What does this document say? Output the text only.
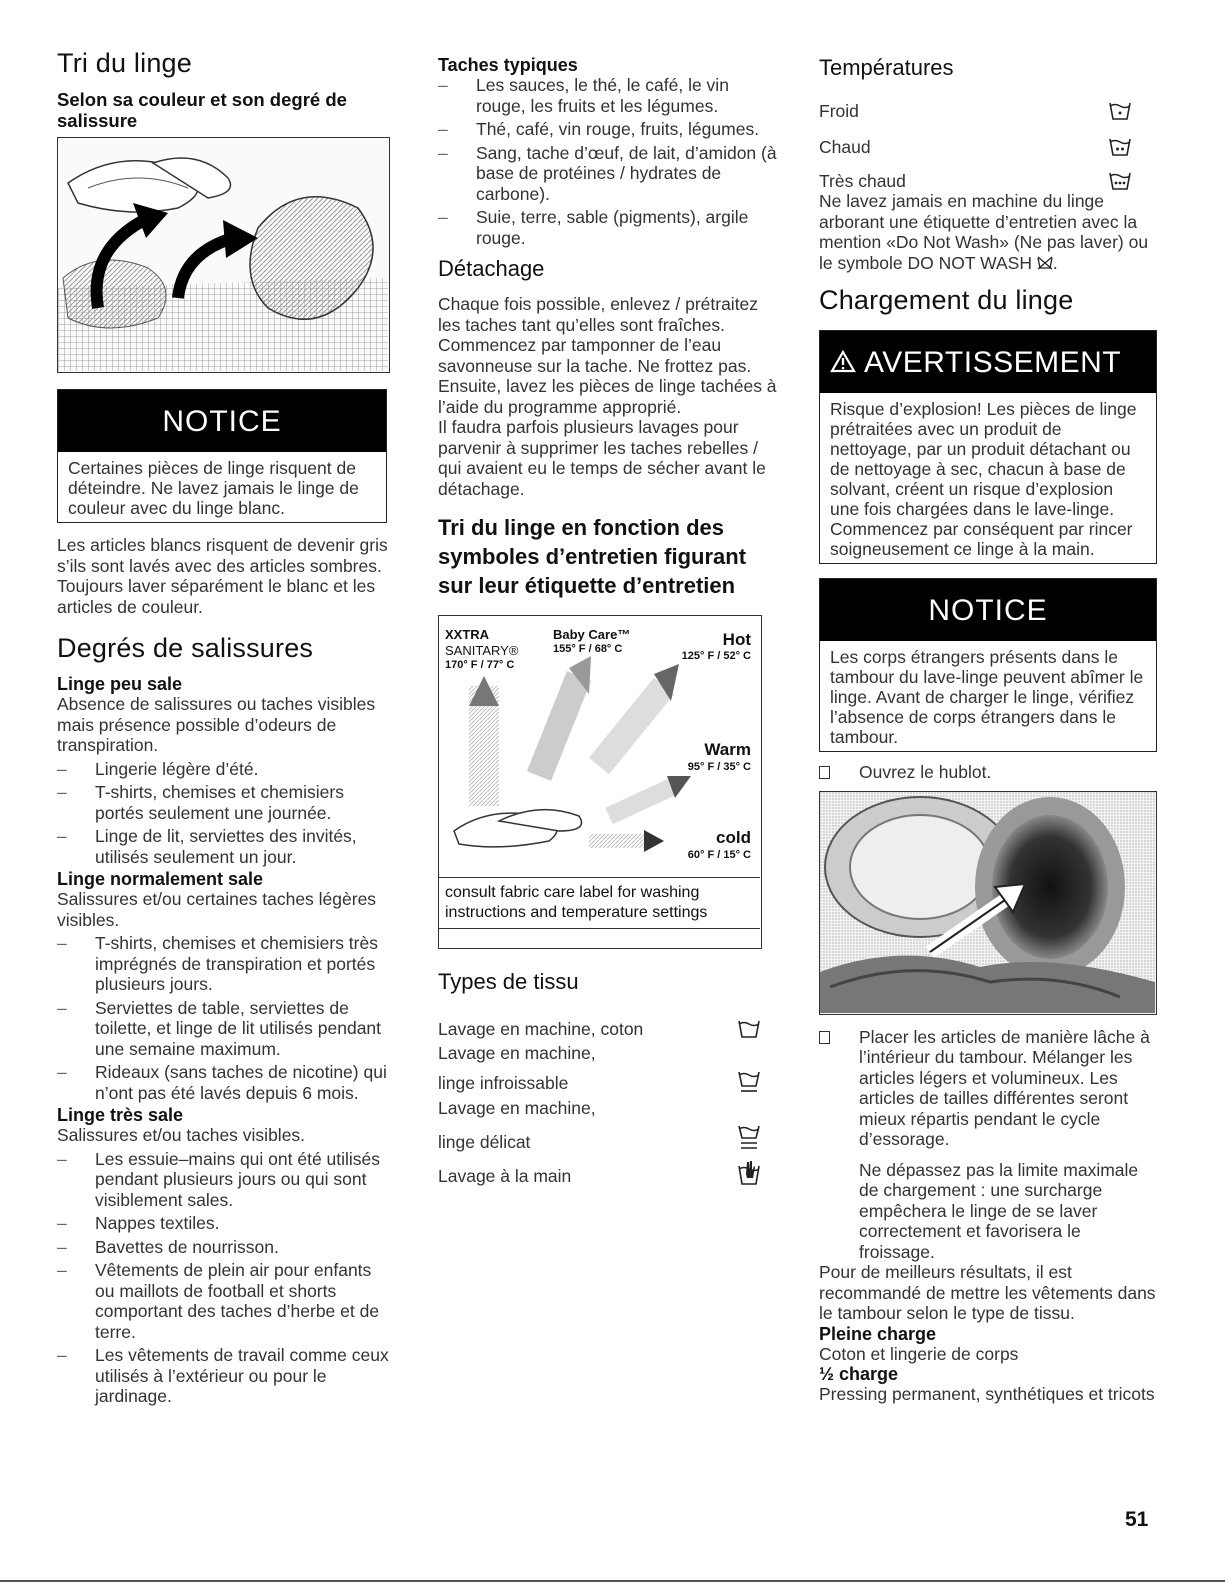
Tri du linge
Selon sa couleur et son degré de salissure
NOTICE
Certaines pièces de linge risquent de déteindre. Ne lavez jamais le linge de couleur avec du linge blanc.

Les articles blancs risquent de devenir gris s’ils sont lavés avec des articles sombres. Toujours laver séparément le blanc et les articles de couleur.

Degrés de salissures
Linge peu sale

Absence de salissures ou taches visibles mais présence possible d’odeurs de transpiration.

– Lingerie légère d’été.
– T-shirts, chemises et chemisiers portés seulement une journée.
– Linge de lit, serviettes des invités, utilisés seulement un jour.
Linge normalement sale

Salissures et/ou certaines taches légères visibles.

– T-shirts, chemises et chemisiers très imprégnés de transpiration et portés plusieurs jours.
– Serviettes de table, serviettes de toilette, et linge de lit utilisés pendant une semaine maximum.
– Rideaux (sans taches de nicotine) qui n’ont pas été lavés depuis 6 mois.
Linge très sale

Salissures et/ou taches visibles.

– Les essuie–mains qui ont été utilisés pendant plusieurs jours ou qui sont visiblement sales.
– Nappes textiles.
– Bavettes de nourrisson.
– Vêtements de plein air pour enfants ou maillots de football et shorts comportant des taches d’herbe et de terre.
– Les vêtements de travail comme ceux utilisés à l’extérieur ou pour le jardinage.
Taches typiques
– Les sauces, le thé, le café, le vin rouge, les fruits et les légumes.
– Thé, café, vin rouge, fruits, légumes.
– Sang, tache d’œuf, de lait, d’amidon (à base de protéines / hydrates de carbone).
– Suie, terre, sable (pigments), argile rouge.
Détachage

Chaque fois possible, enlevez / prétraitez les taches tant qu’elles sont fraîches.

Commencez par tamponner de l’eau savonneuse sur la tache. Ne frottez pas.

Ensuite, lavez les pièces de linge tachées à l’aide du programme approprié.

Il faudra parfois plusieurs lavages pour parvenir à supprimer les taches rebelles / qui avaient eu le temps de sécher avant le détachage.

Tri du linge en fonction des symboles d’entretien figurant sur leur étiquette d’entretien
XXTRA
SANITARY®
170° F / 77° C
Baby Care™
155° F / 68° C	Hot
125° F / 52° C
Warm
95° F / 35° C
cold
60° F / 15° C
consult fabric care label for washing instructions and temperature settings
Types de tissu
Lavage en machine, coton
Lavage en machine,
linge infroissable
Lavage en machine,
linge délicat
Lavage à la main
Températures
Froid
Chaud
Très chaud

Ne lavez jamais en machine du linge arborant une étiquette d’entretien avec la mention «Do Not Wash» (Ne pas laver) ou le symbole DO NOT WASH .

Chargement du linge
AVERTISSEMENT
Risque d’explosion! Les pièces de linge prétraitées avec un produit de nettoyage, par un produit détachant ou de nettoyage à sec, chacun à base de solvant, créent un risque d’explosion une fois chargées dans le lave-linge. Commencez par conséquent par rincer soigneusement ce linge à la main.
NOTICE
Les corps étrangers présents dans le tambour du lave-linge peuvent abîmer le linge. Avant de charger le linge, vérifiez l’absence de corps étrangers dans le tambour.
Ouvrez le hublot.
Placer les articles de manière lâche à l’intérieur du tambour. Mélanger les articles légers et volumineux. Les articles de tailles différentes seront mieux répartis pendant le cycle d’essorage.

Ne dépassez pas la limite maximale de chargement : une surcharge empêchera le linge de se laver correctement et favorisera le froissage.

Pour de meilleurs résultats, il est recommandé de mettre les vêtements dans le tambour selon le type de tissu.

Pleine charge

Coton et lingerie de corps

½ charge

Pressing permanent, synthétiques et tricots

51
